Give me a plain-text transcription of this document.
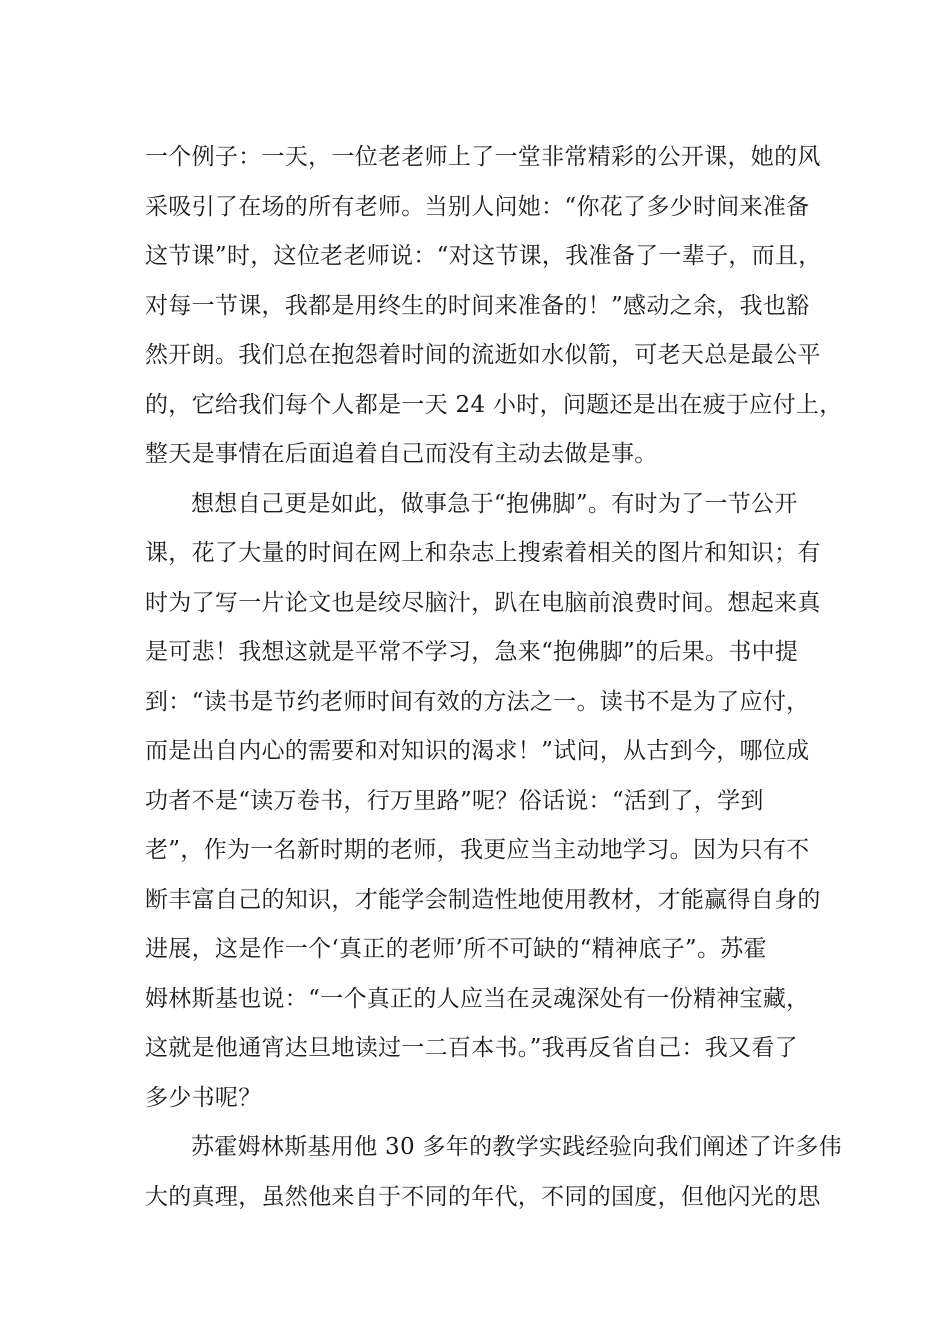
一个例子：一天，一位老老师上了一堂非常精彩的公开课，她的风
采吸引了在场的所有老师。当别人问她：“你花了多少时间来准备
这节课”时，这位老老师说：“对这节课，我准备了一辈子，而且，
对每一节课，我都是用终生的时间来准备的！”感动之余，我也豁
然开朗。我们总在抱怨着时间的流逝如水似箭，可老天总是最公平
的，它给我们每个人都是一天 24 小时，问题还是出在疲于应付上，
整天是事情在后面追着自己而没有主动去做是事。
想想自己更是如此，做事急于“抱佛脚”。有时为了一节公开
课，花了大量的时间在网上和杂志上搜索着相关的图片和知识；有
时为了写一片论文也是绞尽脑汁，趴在电脑前浪费时间。想起来真
是可悲！我想这就是平常不学习，急来“抱佛脚”的后果。书中提
到：“读书是节约老师时间有效的方法之一。读书不是为了应付，
而是出自内心的需要和对知识的渴求！”试问，从古到今，哪位成
功者不是“读万卷书，行万里路”呢？俗话说：“活到了，学到
老”，作为一名新时期的老师，我更应当主动地学习。因为只有不
断丰富自己的知识，才能学会制造性地使用教材，才能赢得自身的
进展，这是作一个‘真正的老师’所不可缺的“精神底子”。苏霍
姆林斯基也说：“一个真正的人应当在灵魂深处有一份精神宝藏，
这就是他通宵达旦地读过一二百本书。”我再反省自己：我又看了
多少书呢？
苏霍姆林斯基用他 30 多年的教学实践经验向我们阐述了许多伟
大的真理，虽然他来自于不同的年代，不同的国度，但他闪光的思
